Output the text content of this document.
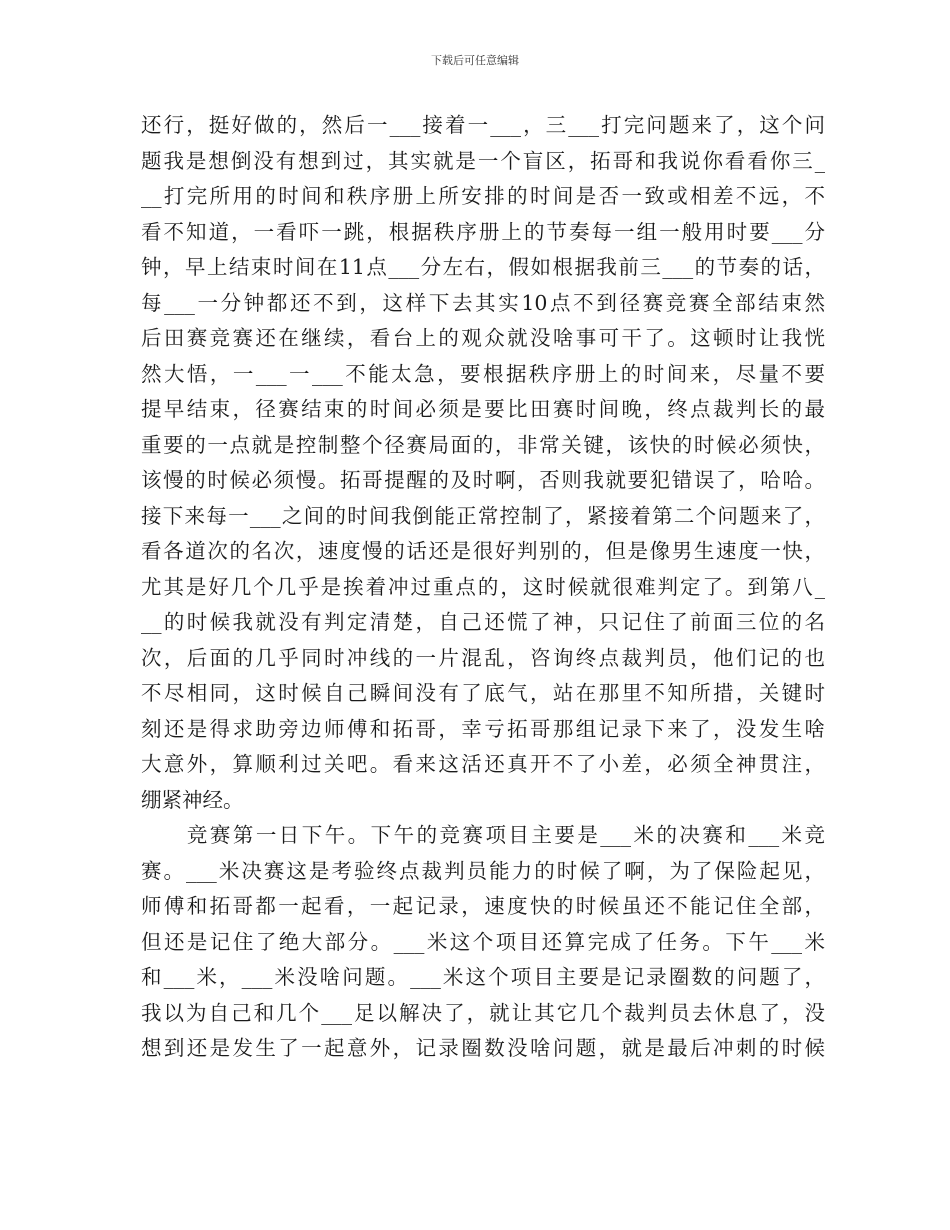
下载后可任意编辑
还行，挺好做的，然后一___接着一___，三___打完问题来了，这个问
题我是想倒没有想到过，其实就是一个盲区，拓哥和我说你看看你三_
__打完所用的时间和秩序册上所安排的时间是否一致或相差不远，不
看不知道，一看吓一跳，根据秩序册上的节奏每一组一般用时要___分
钟，早上结束时间在11点___分左右，假如根据我前三___的节奏的话，
每___一分钟都还不到，这样下去其实10点不到径赛竞赛全部结束然
后田赛竞赛还在继续，看台上的观众就没啥事可干了。这顿时让我恍
然大悟，一___一___不能太急，要根据秩序册上的时间来，尽量不要
提早结束，径赛结束的时间必须是要比田赛时间晚，终点裁判长的最
重要的一点就是控制整个径赛局面的，非常关键，该快的时候必须快，
该慢的时候必须慢。拓哥提醒的及时啊，否则我就要犯错误了，哈哈。
接下来每一___之间的时间我倒能正常控制了，紧接着第二个问题来了，
看各道次的名次，速度慢的话还是很好判别的，但是像男生速度一快，
尤其是好几个几乎是挨着冲过重点的，这时候就很难判定了。到第八_
__的时候我就没有判定清楚，自己还慌了神，只记住了前面三位的名
次，后面的几乎同时冲线的一片混乱，咨询终点裁判员，他们记的也
不尽相同，这时候自己瞬间没有了底气，站在那里不知所措，关键时
刻还是得求助旁边师傅和拓哥，幸亏拓哥那组记录下来了，没发生啥
大意外，算顺利过关吧。看来这活还真开不了小差，必须全神贯注，
绷紧神经。
　　竞赛第一日下午。下午的竞赛项目主要是___米的决赛和___米竞
赛。___米决赛这是考验终点裁判员能力的时候了啊，为了保险起见，
师傅和拓哥都一起看，一起记录，速度快的时候虽还不能记住全部，
但还是记住了绝大部分。___米这个项目还算完成了任务。下午___米
和___米，___米没啥问题。___米这个项目主要是记录圈数的问题了，
我以为自己和几个___足以解决了，就让其它几个裁判员去休息了，没
想到还是发生了一起意外，记录圈数没啥问题，就是最后冲刺的时候
